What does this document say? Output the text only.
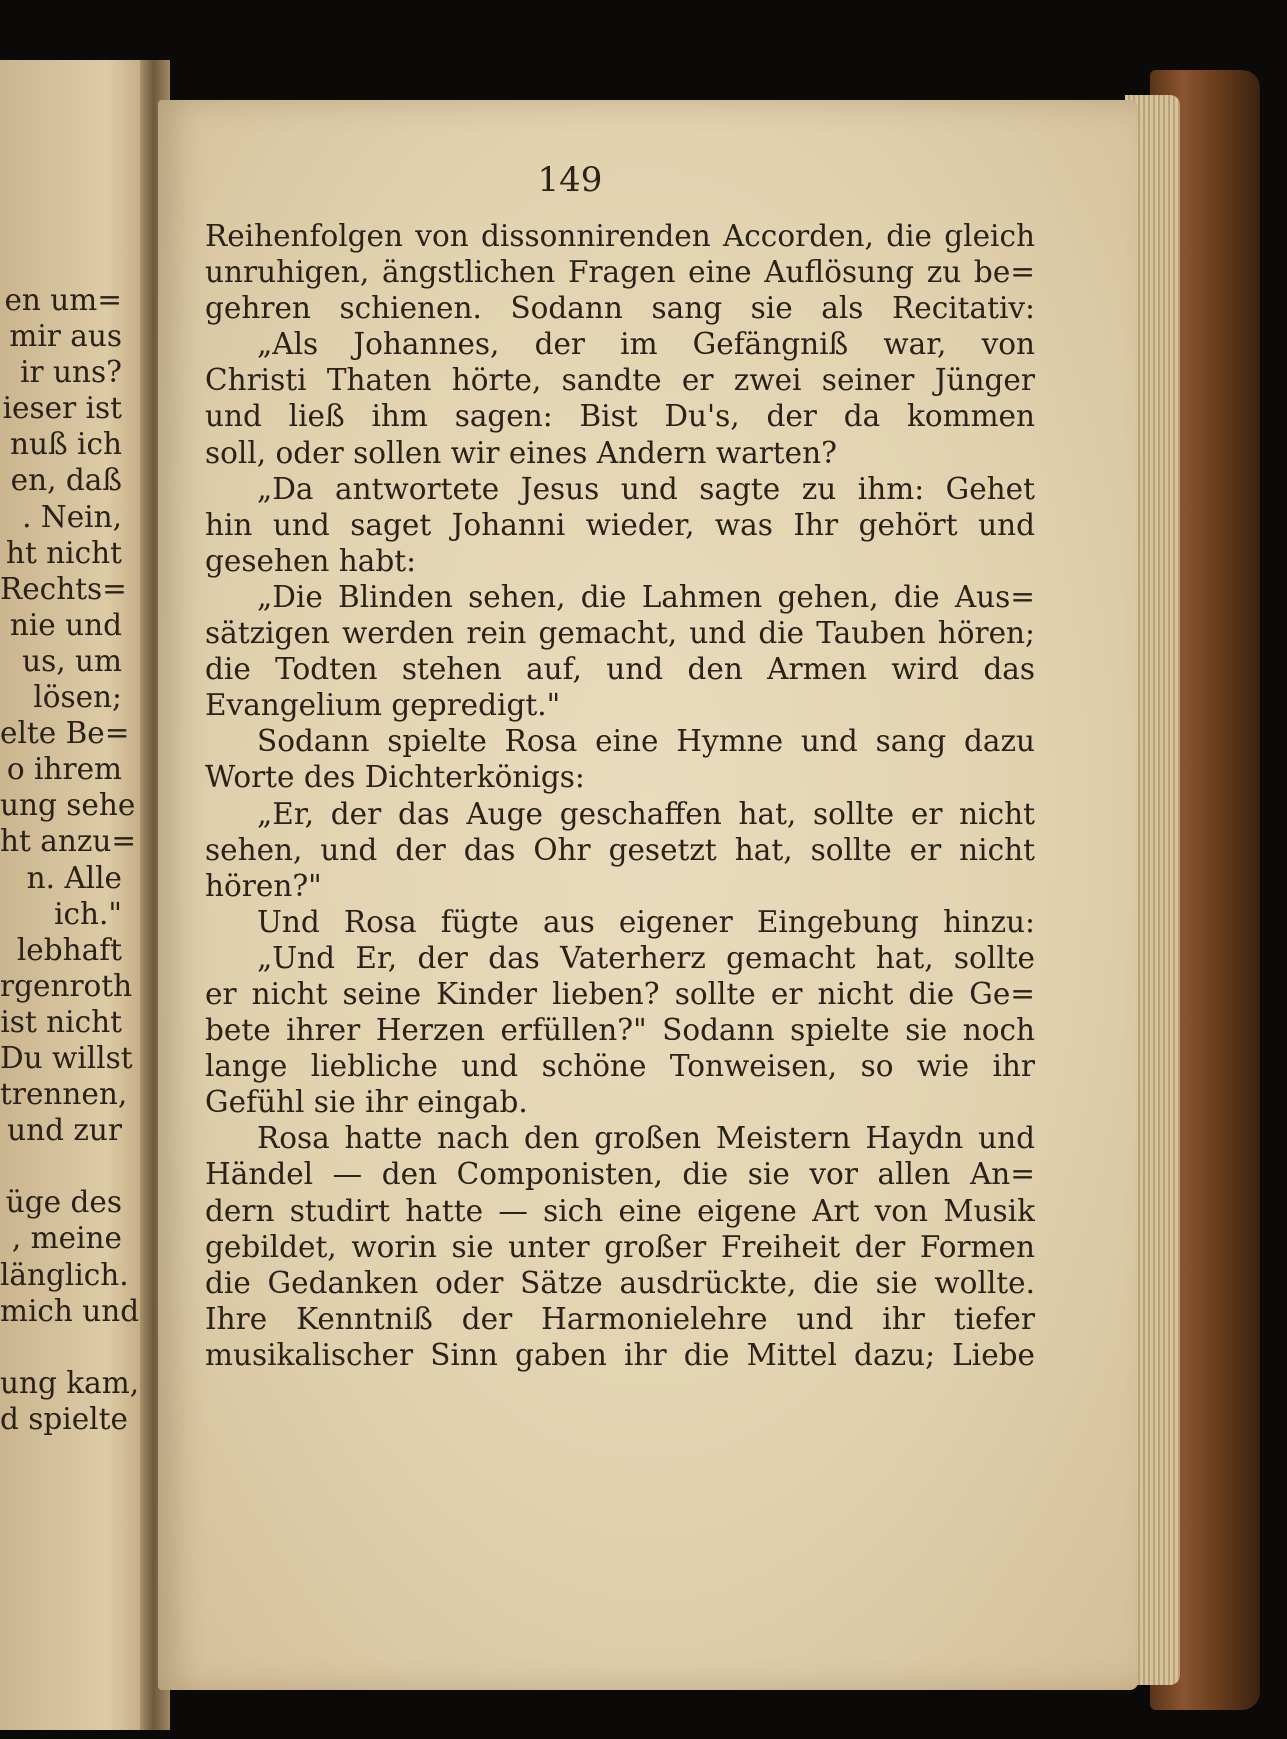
en um=
mir aus
ir uns?
ieser ist
nuß ich
en, daß
. Nein,
ht nicht
Rechts=
nie und
us, um
lösen;
elte Be=
o ihrem
ung sehe
ht anzu=
n. Alle
ich."
lebhaft
rgenroth
ist nicht
Du willst
trennen,
und zur
üge des
, meine
länglich.
mich und
ung kam,
d spielte
149
Reihenfolgen von dissonnirenden Accorden, die gleich
unruhigen, ängstlichen Fragen eine Auflösung zu be=
gehren schienen. Sodann sang sie als Recitativ:
„Als Johannes, der im Gefängniß war, von
Christi Thaten hörte, sandte er zwei seiner Jünger
und ließ ihm sagen: Bist Du's, der da kommen
soll, oder sollen wir eines Andern warten?
„Da antwortete Jesus und sagte zu ihm: Gehet
hin und saget Johanni wieder, was Ihr gehört und
gesehen habt:
„Die Blinden sehen, die Lahmen gehen, die Aus=
sätzigen werden rein gemacht, und die Tauben hören;
die Todten stehen auf, und den Armen wird das
Evangelium gepredigt."
Sodann spielte Rosa eine Hymne und sang dazu
Worte des Dichterkönigs:
„Er, der das Auge geschaffen hat, sollte er nicht
sehen, und der das Ohr gesetzt hat, sollte er nicht
hören?"
Und Rosa fügte aus eigener Eingebung hinzu:
„Und Er, der das Vaterherz gemacht hat, sollte
er nicht seine Kinder lieben? sollte er nicht die Ge=
bete ihrer Herzen erfüllen?" Sodann spielte sie noch
lange liebliche und schöne Tonweisen, so wie ihr
Gefühl sie ihr eingab.
Rosa hatte nach den großen Meistern Haydn und
Händel — den Componisten, die sie vor allen An=
dern studirt hatte — sich eine eigene Art von Musik
gebildet, worin sie unter großer Freiheit der Formen
die Gedanken oder Sätze ausdrückte, die sie wollte.
Ihre Kenntniß der Harmonielehre und ihr tiefer
musikalischer Sinn gaben ihr die Mittel dazu; Liebe
